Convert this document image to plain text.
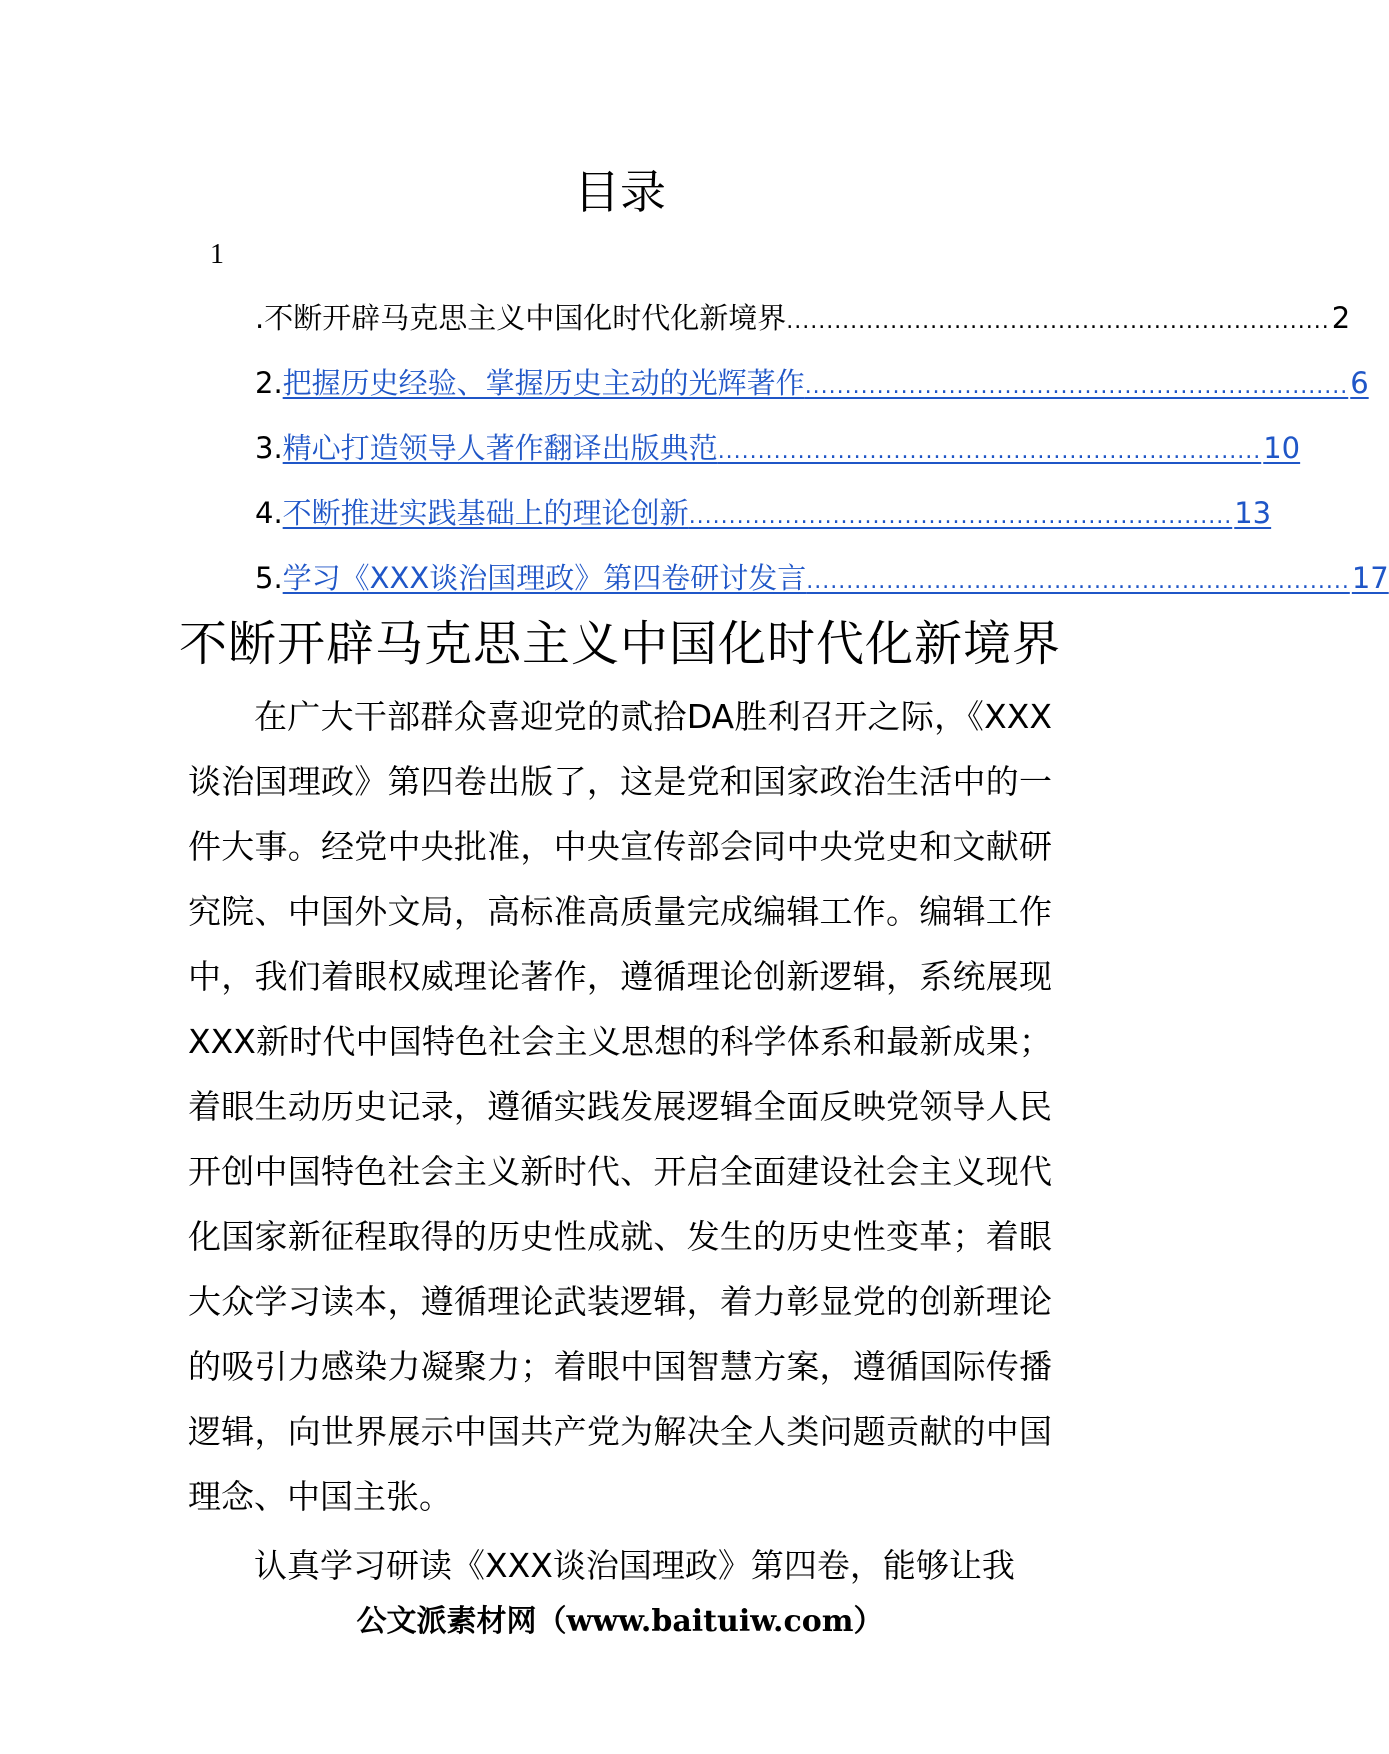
目录
1
. 不断开辟马克思主义中国化时代化新境界 .................................................................... 2
2. 把握历史经验、掌握历史主动的光辉著作 .................................................................... 6
3. 精心打造领导人著作翻译出版典范 .................................................................... 10
4. 不断推进实践基础上的理论创新 .................................................................... 13
5. 学习《XXX谈治国理政》第四卷研讨发言 .................................................................... 17
不断开辟马克思主义中国化时代化新境界

在广大干部群众喜迎党的贰拾DA胜利召开之际，《XXX谈治国理政》第四卷出版了，这是党和国家政治生活中的一件大事。经党中央批准，中央宣传部会同中央党史和文献研究院、中国外文局，高标准高质量完成编辑工作。编辑工作中，我们着眼权威理论著作，遵循理论创新逻辑，系统展现XXX新时代中国特色社会主义思想的科学体系和最新成果；着眼生动历史记录，遵循实践发展逻辑全面反映党领导人民开创中国特色社会主义新时代、开启全面建设社会主义现代化国家新征程取得的历史性成就、发生的历史性变革；着眼大众学习读本，遵循理论武装逻辑，着力彰显党的创新理论的吸引力感染力凝聚力；着眼中国智慧方案，遵循国际传播逻辑，向世界展示中国共产党为解决全人类问题贡献的中国理念、中国主张。

认真学习研读《XXX谈治国理政》第四卷，能够让我

公文派素材网（www.baituiw.com）
